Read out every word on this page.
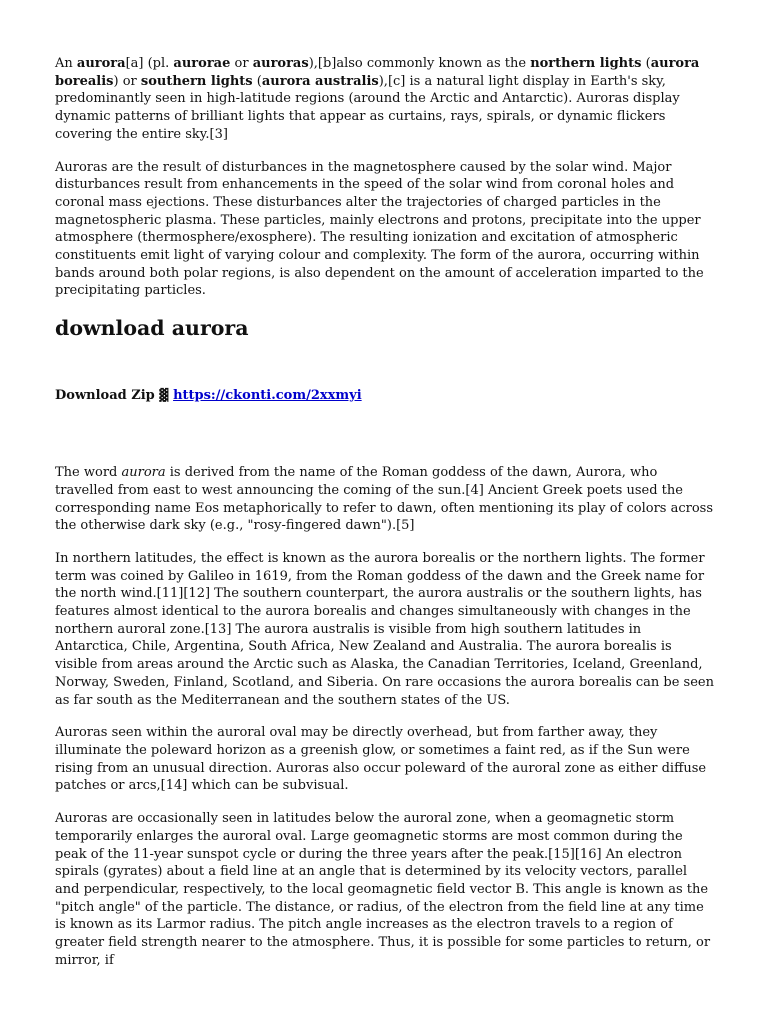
An aurora[a] (pl. aurorae or auroras),[b]also commonly known as the northern lights (aurora borealis) or southern lights (aurora australis),[c] is a natural light display in Earth's sky, predominantly seen in high-latitude regions (around the Arctic and Antarctic). Auroras display dynamic patterns of brilliant lights that appear as curtains, rays, spirals, or dynamic flickers covering the entire sky.[3]

Auroras are the result of disturbances in the magnetosphere caused by the solar wind. Major disturbances result from enhancements in the speed of the solar wind from coronal holes and coronal mass ejections. These disturbances alter the trajectories of charged particles in the magnetospheric plasma. These particles, mainly electrons and protons, precipitate into the upper atmosphere (thermosphere/exosphere). The resulting ionization and excitation of atmospheric constituents emit light of varying colour and complexity. The form of the aurora, occurring within bands around both polar regions, is also dependent on the amount of acceleration imparted to the precipitating particles.

download aurora
Download Zip ▓ https://ckonti.com/2xxmyi

The word aurora is derived from the name of the Roman goddess of the dawn, Aurora, who travelled from east to west announcing the coming of the sun.[4] Ancient Greek poets used the corresponding name Eos metaphorically to refer to dawn, often mentioning its play of colors across the otherwise dark sky (e.g., "rosy-fingered dawn").[5]

In northern latitudes, the effect is known as the aurora borealis or the northern lights. The former term was coined by Galileo in 1619, from the Roman goddess of the dawn and the Greek name for the north wind.[11][12] The southern counterpart, the aurora australis or the southern lights, has features almost identical to the aurora borealis and changes simultaneously with changes in the northern auroral zone.[13] The aurora australis is visible from high southern latitudes in Antarctica, Chile, Argentina, South Africa, New Zealand and Australia. The aurora borealis is visible from areas around the Arctic such as Alaska, the Canadian Territories, Iceland, Greenland, Norway, Sweden, Finland, Scotland, and Siberia. On rare occasions the aurora borealis can be seen as far south as the Mediterranean and the southern states of the US.

Auroras seen within the auroral oval may be directly overhead, but from farther away, they illuminate the poleward horizon as a greenish glow, or sometimes a faint red, as if the Sun were rising from an unusual direction. Auroras also occur poleward of the auroral zone as either diffuse patches or arcs,[14] which can be subvisual.

Auroras are occasionally seen in latitudes below the auroral zone, when a geomagnetic storm temporarily enlarges the auroral oval. Large geomagnetic storms are most common during the peak of the 11-year sunspot cycle or during the three years after the peak.[15][16] An electron spirals (gyrates) about a field line at an angle that is determined by its velocity vectors, parallel and perpendicular, respectively, to the local geomagnetic field vector B. This angle is known as the "pitch angle" of the particle. The distance, or radius, of the electron from the field line at any time is known as its Larmor radius. The pitch angle increases as the electron travels to a region of greater field strength nearer to the atmosphere. Thus, it is possible for some particles to return, or mirror, if
